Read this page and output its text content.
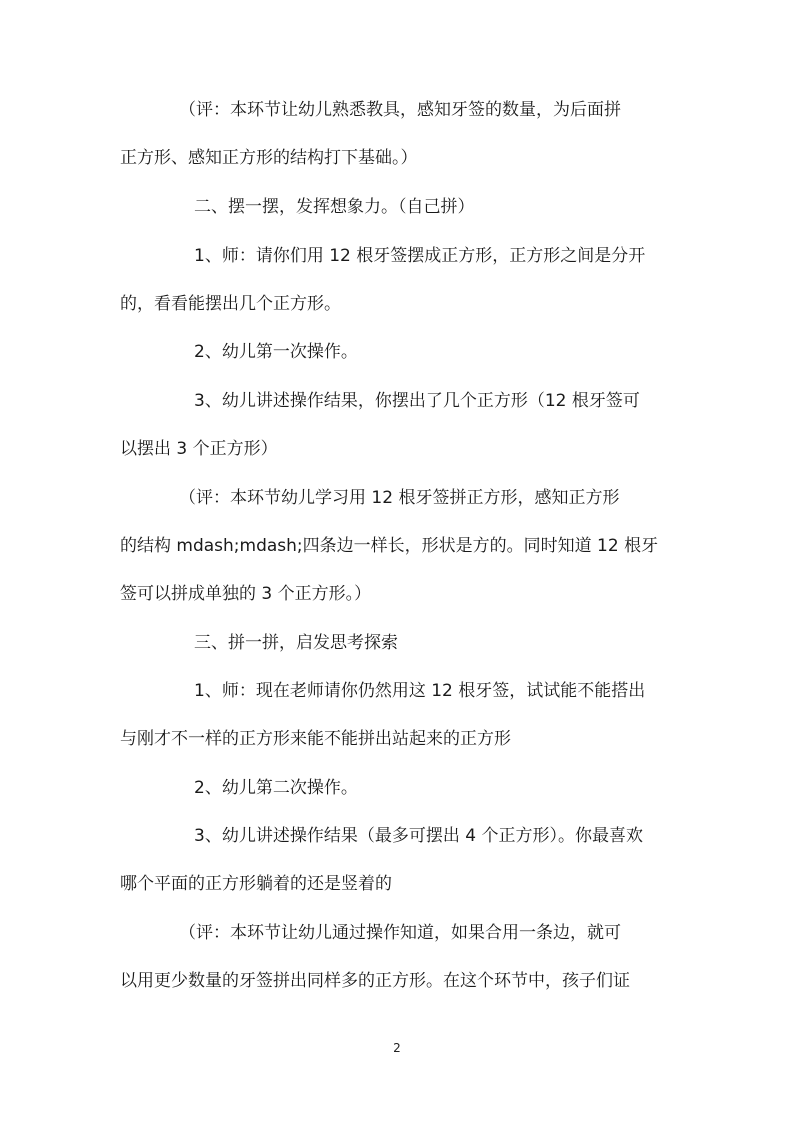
（评：本环节让幼儿熟悉教具，感知牙签的数量，为后面拼
正方形、感知正方形的结构打下基础。）
二、摆一摆，发挥想象力。（自己拼）
1、师：请你们用 12 根牙签摆成正方形，正方形之间是分开
的，看看能摆出几个正方形。
2、幼儿第一次操作。
3、幼儿讲述操作结果，你摆出了几个正方形（12 根牙签可
以摆出 3 个正方形）
（评：本环节幼儿学习用 12 根牙签拼正方形，感知正方形
的结构 mdash;mdash;四条边一样长，形状是方的。同时知道 12 根牙
签可以拼成单独的 3 个正方形。）
三、拼一拼，启发思考探索
1、师：现在老师请你仍然用这 12 根牙签，试试能不能搭出
与刚才不一样的正方形来能不能拼出站起来的正方形
2、幼儿第二次操作。
3、幼儿讲述操作结果（最多可摆出 4 个正方形）。你最喜欢
哪个平面的正方形躺着的还是竖着的
（评：本环节让幼儿通过操作知道，如果合用一条边，就可
以用更少数量的牙签拼出同样多的正方形。在这个环节中，孩子们证
2
